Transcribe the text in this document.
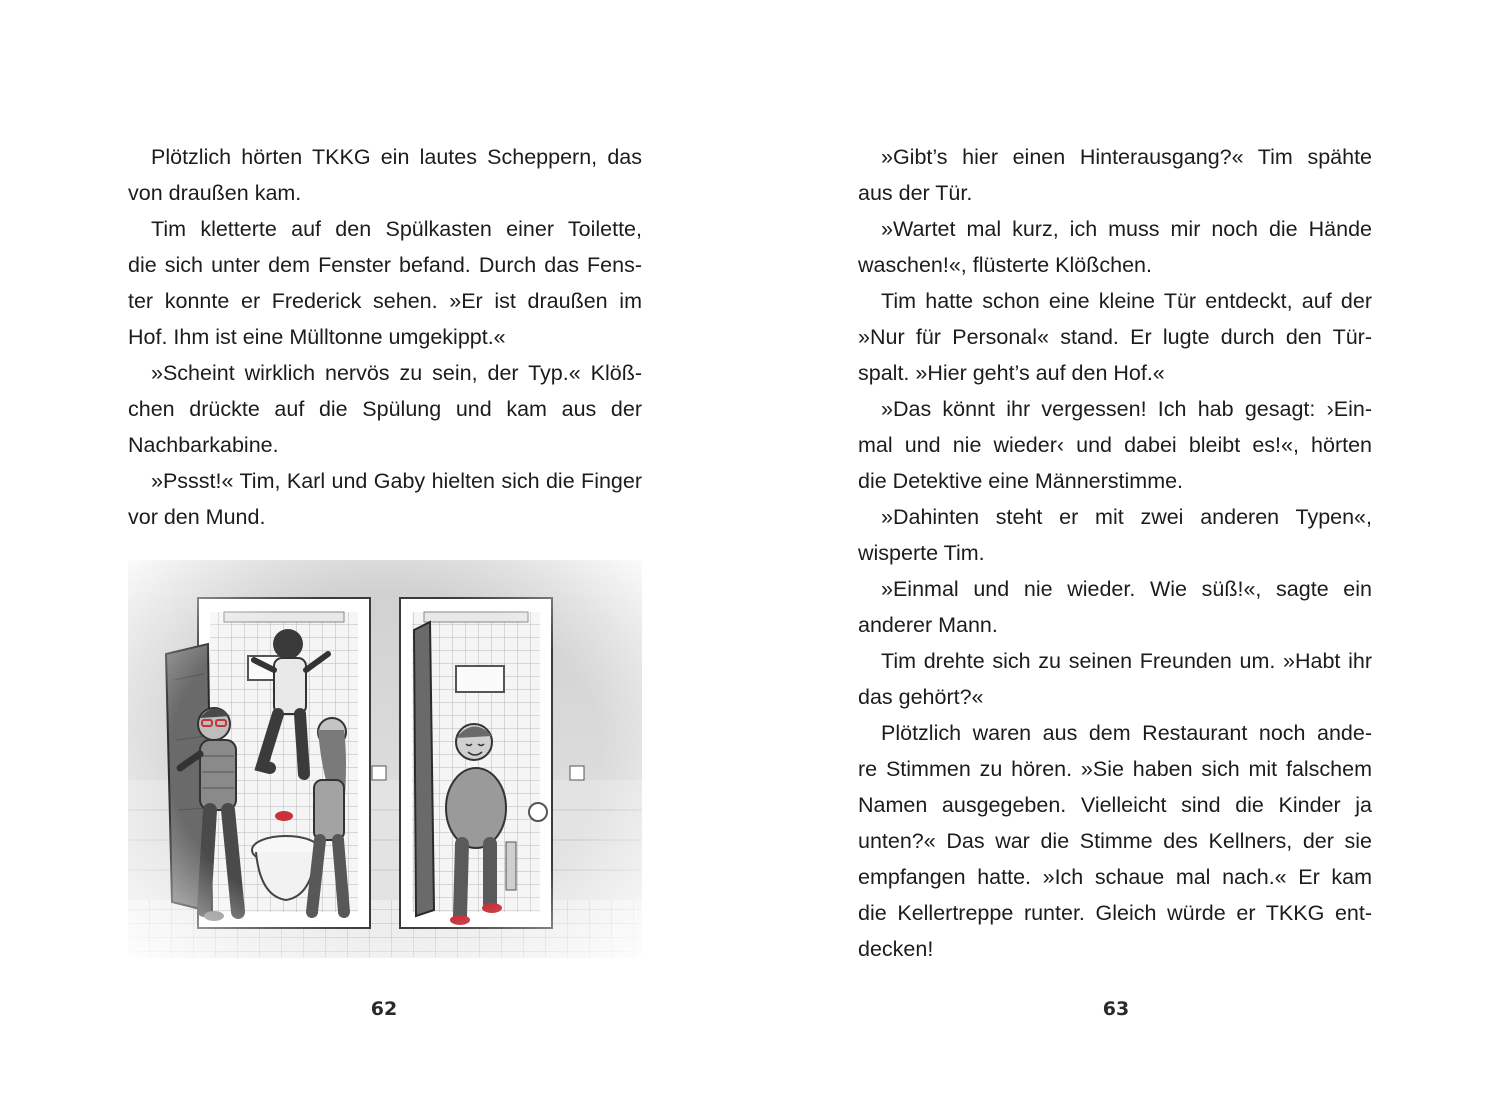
Plötzlich hörten TKKG ein lautes Scheppern, das
von draußen kam.
Tim kletterte auf den Spülkasten einer Toilette,
die sich unter dem Fenster befand. Durch das Fens-
ter konnte er Frederick sehen. »Er ist draußen im
Hof. Ihm ist eine Mülltonne umgekippt.«
»Scheint wirklich nervös zu sein, der Typ.« Klöß-
chen drückte auf die Spülung und kam aus der
Nachbarkabine.
»Pssst!« Tim, Karl und Gaby hielten sich die Finger
vor den Mund.
62
»Gibt’s hier einen Hinterausgang?« Tim spähte
aus der Tür.
»Wartet mal kurz, ich muss mir noch die Hände
waschen!«, flüsterte Klößchen.
Tim hatte schon eine kleine Tür entdeckt, auf der
»Nur für Personal« stand. Er lugte durch den Tür-
spalt. »Hier geht’s auf den Hof.«
»Das könnt ihr vergessen! Ich hab gesagt: ›Ein-
mal und nie wieder‹ und dabei bleibt es!«, hörten
die Detektive eine Männerstimme.
»Dahinten steht er mit zwei anderen Typen«,
wisperte Tim.
»Einmal und nie wieder. Wie süß!«, sagte ein
anderer Mann.
Tim drehte sich zu seinen Freunden um. »Habt ihr
das gehört?«
Plötzlich waren aus dem Restaurant noch ande-
re Stimmen zu hören. »Sie haben sich mit falschem
Namen ausgegeben. Vielleicht sind die Kinder ja
unten?« Das war die Stimme des Kellners, der sie
empfangen hatte. »Ich schaue mal nach.« Er kam
die Kellertreppe runter. Gleich würde er TKKG ent-
decken!
63
